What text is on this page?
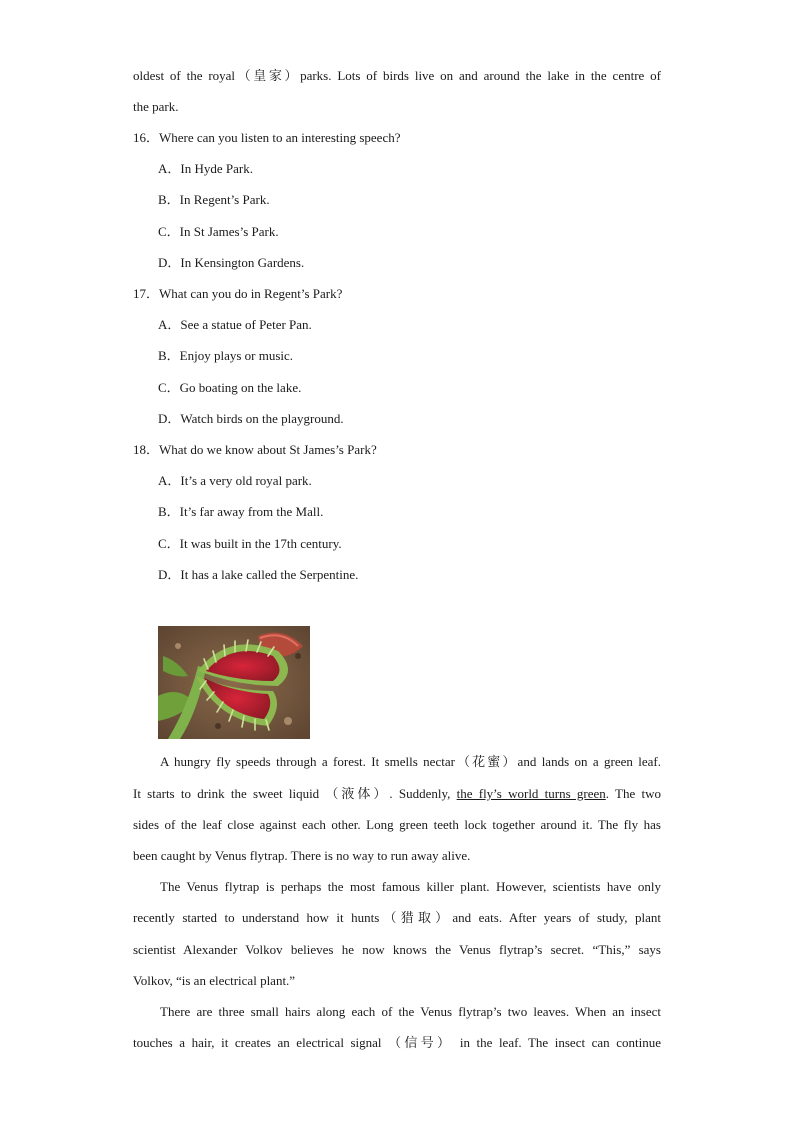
oldest of the royal（皇家）parks. Lots of birds live on and around the lake in the centre of
the park.
16．Where can you listen to an interesting speech?
A．In Hyde Park.
B．In Regent’s Park.
C．In St James’s Park.
D．In Kensington Gardens.
17．What can you do in Regent’s Park?
A．See a statue of Peter Pan.
B．Enjoy plays or music.
C．Go boating on the lake.
D．Watch birds on the playground.
18．What do we know about St James’s Park?
A．It’s a very old royal park.
B．It’s far away from the Mall.
C．It was built in the 17th century.
D．It has a lake called the Serpentine.
A hungry fly speeds through a forest. It smells nectar（花蜜）and lands on a green leaf.
It starts to drink the sweet liquid （液体）. Suddenly, the fly’s world turns green. The two
sides of the leaf close against each other. Long green teeth lock together around it. The fly has
been caught by Venus flytrap. There is no way to run away alive.
The Venus flytrap is perhaps the most famous killer plant. However, scientists have only
recently started to understand how it hunts（猎取）and eats. After years of study, plant
scientist Alexander Volkov believes he now knows the Venus flytrap’s secret. “This,” says
Volkov, “is an electrical plant.”
There are three small hairs along each of the Venus flytrap’s two leaves. When an insect
touches a hair, it creates an electrical signal （信号） in the leaf. The insect can continue
